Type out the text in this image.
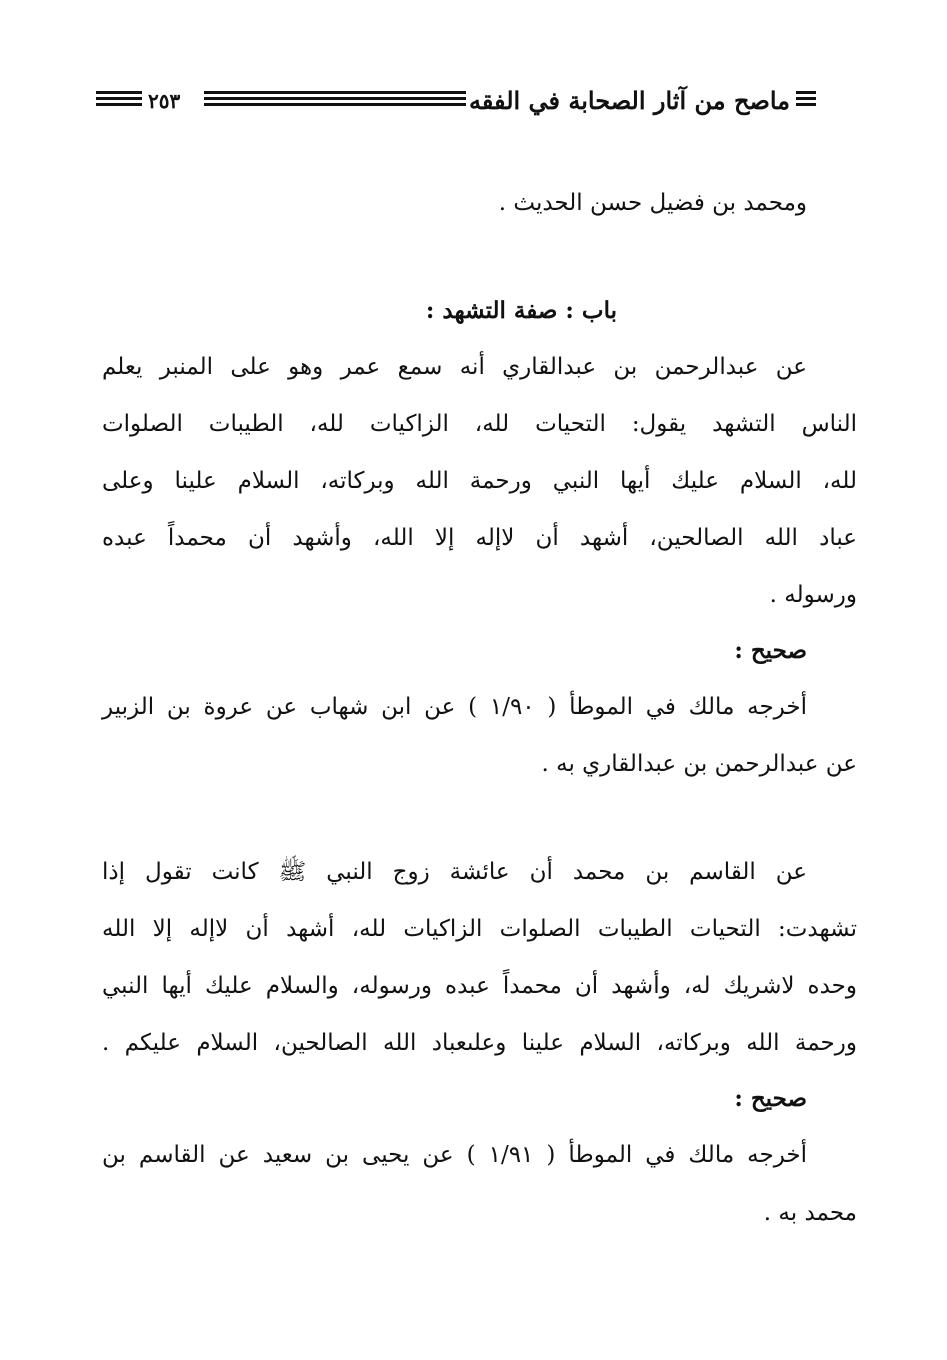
٢٥٣	ماصح من آثار الصحابة في الفقه
ومحمد بن فضيل حسن الحديث .
باب : صفة التشهد :
عن عبدالرحمن بن عبدالقاري أنه سمع عمر وهو على المنبر يعلم
الناس التشهد يقول: التحيات لله، الزاكيات لله، الطيبات الصلوات
لله، السلام عليك أيها النبي ورحمة الله وبركاته، السلام علينا وعلى
عباد الله الصالحين، أشهد أن لاإله إلا الله، وأشهد أن محمداً عبده
ورسوله .
صحيح :
أخرجه مالك في الموطأ ( ١/٩٠ ) عن ابن شهاب عن عروة بن الزبير
عن عبدالرحمن بن عبدالقاري به .
عن القاسم بن محمد أن عائشة زوج النبي ﷺ كانت تقول إذا
تشهدت: التحيات الطيبات الصلوات الزاكيات لله، أشهد أن لاإله إلا الله
وحده لاشريك له، وأشهد أن محمداً عبده ورسوله، والسلام عليك أيها النبي
ورحمة الله وبركاته، السلام علينا وعلىعباد الله الصالحين، السلام عليكم .
صحيح :
أخرجه مالك في الموطأ ( ١/٩١ ) عن يحيى بن سعيد عن القاسم بن
محمد به .
